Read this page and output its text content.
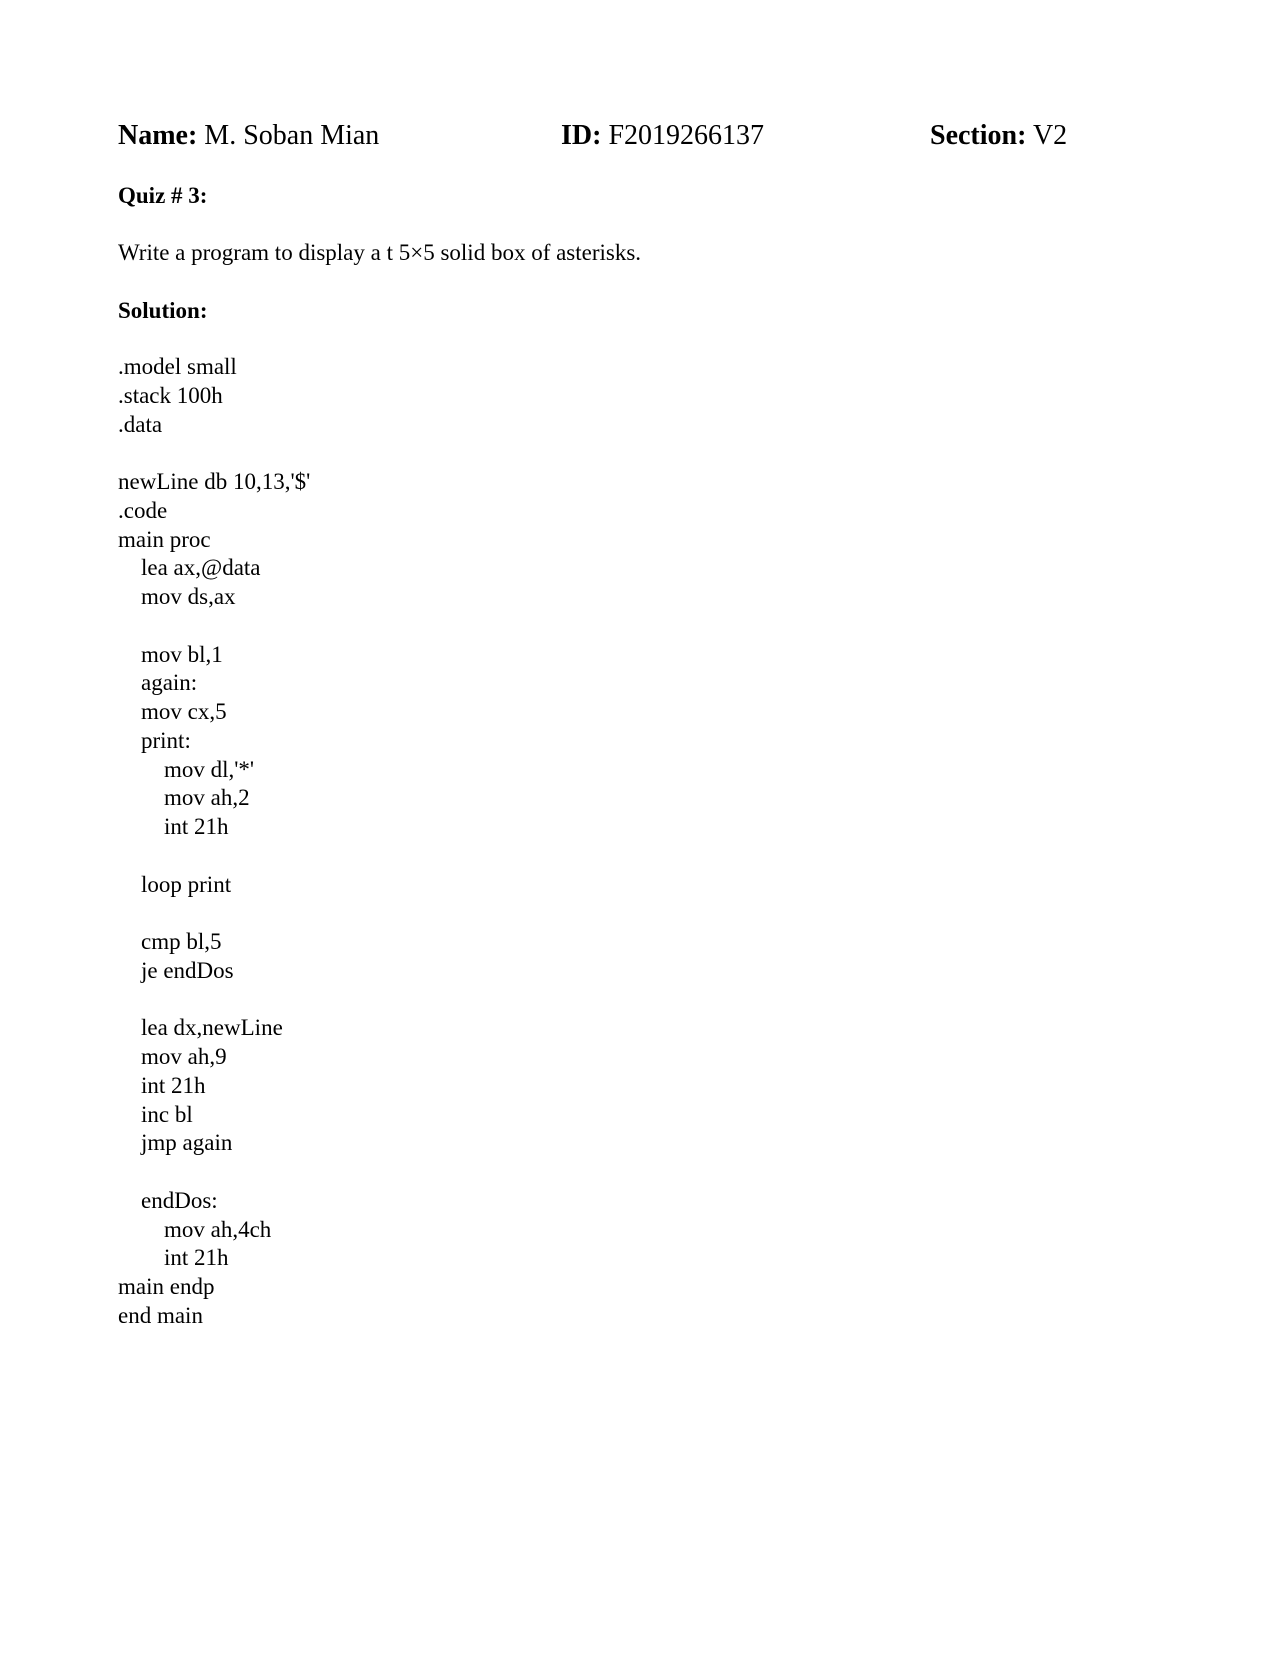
Name: M. Soban Mian	ID: F2019266137	Section: V2
Quiz # 3:
Write a program to display a t 5×5 solid box of asterisks.
Solution:
.model small
.stack 100h
.data
newLine db 10,13,'$'
.code
main proc
lea ax,@data
mov ds,ax
mov bl,1
again:
mov cx,5
print:
mov dl,'*'
mov ah,2
int 21h
loop print
cmp bl,5
je endDos
lea dx,newLine
mov ah,9
int 21h
inc bl
jmp again
endDos:
mov ah,4ch
int 21h
main endp
end main
